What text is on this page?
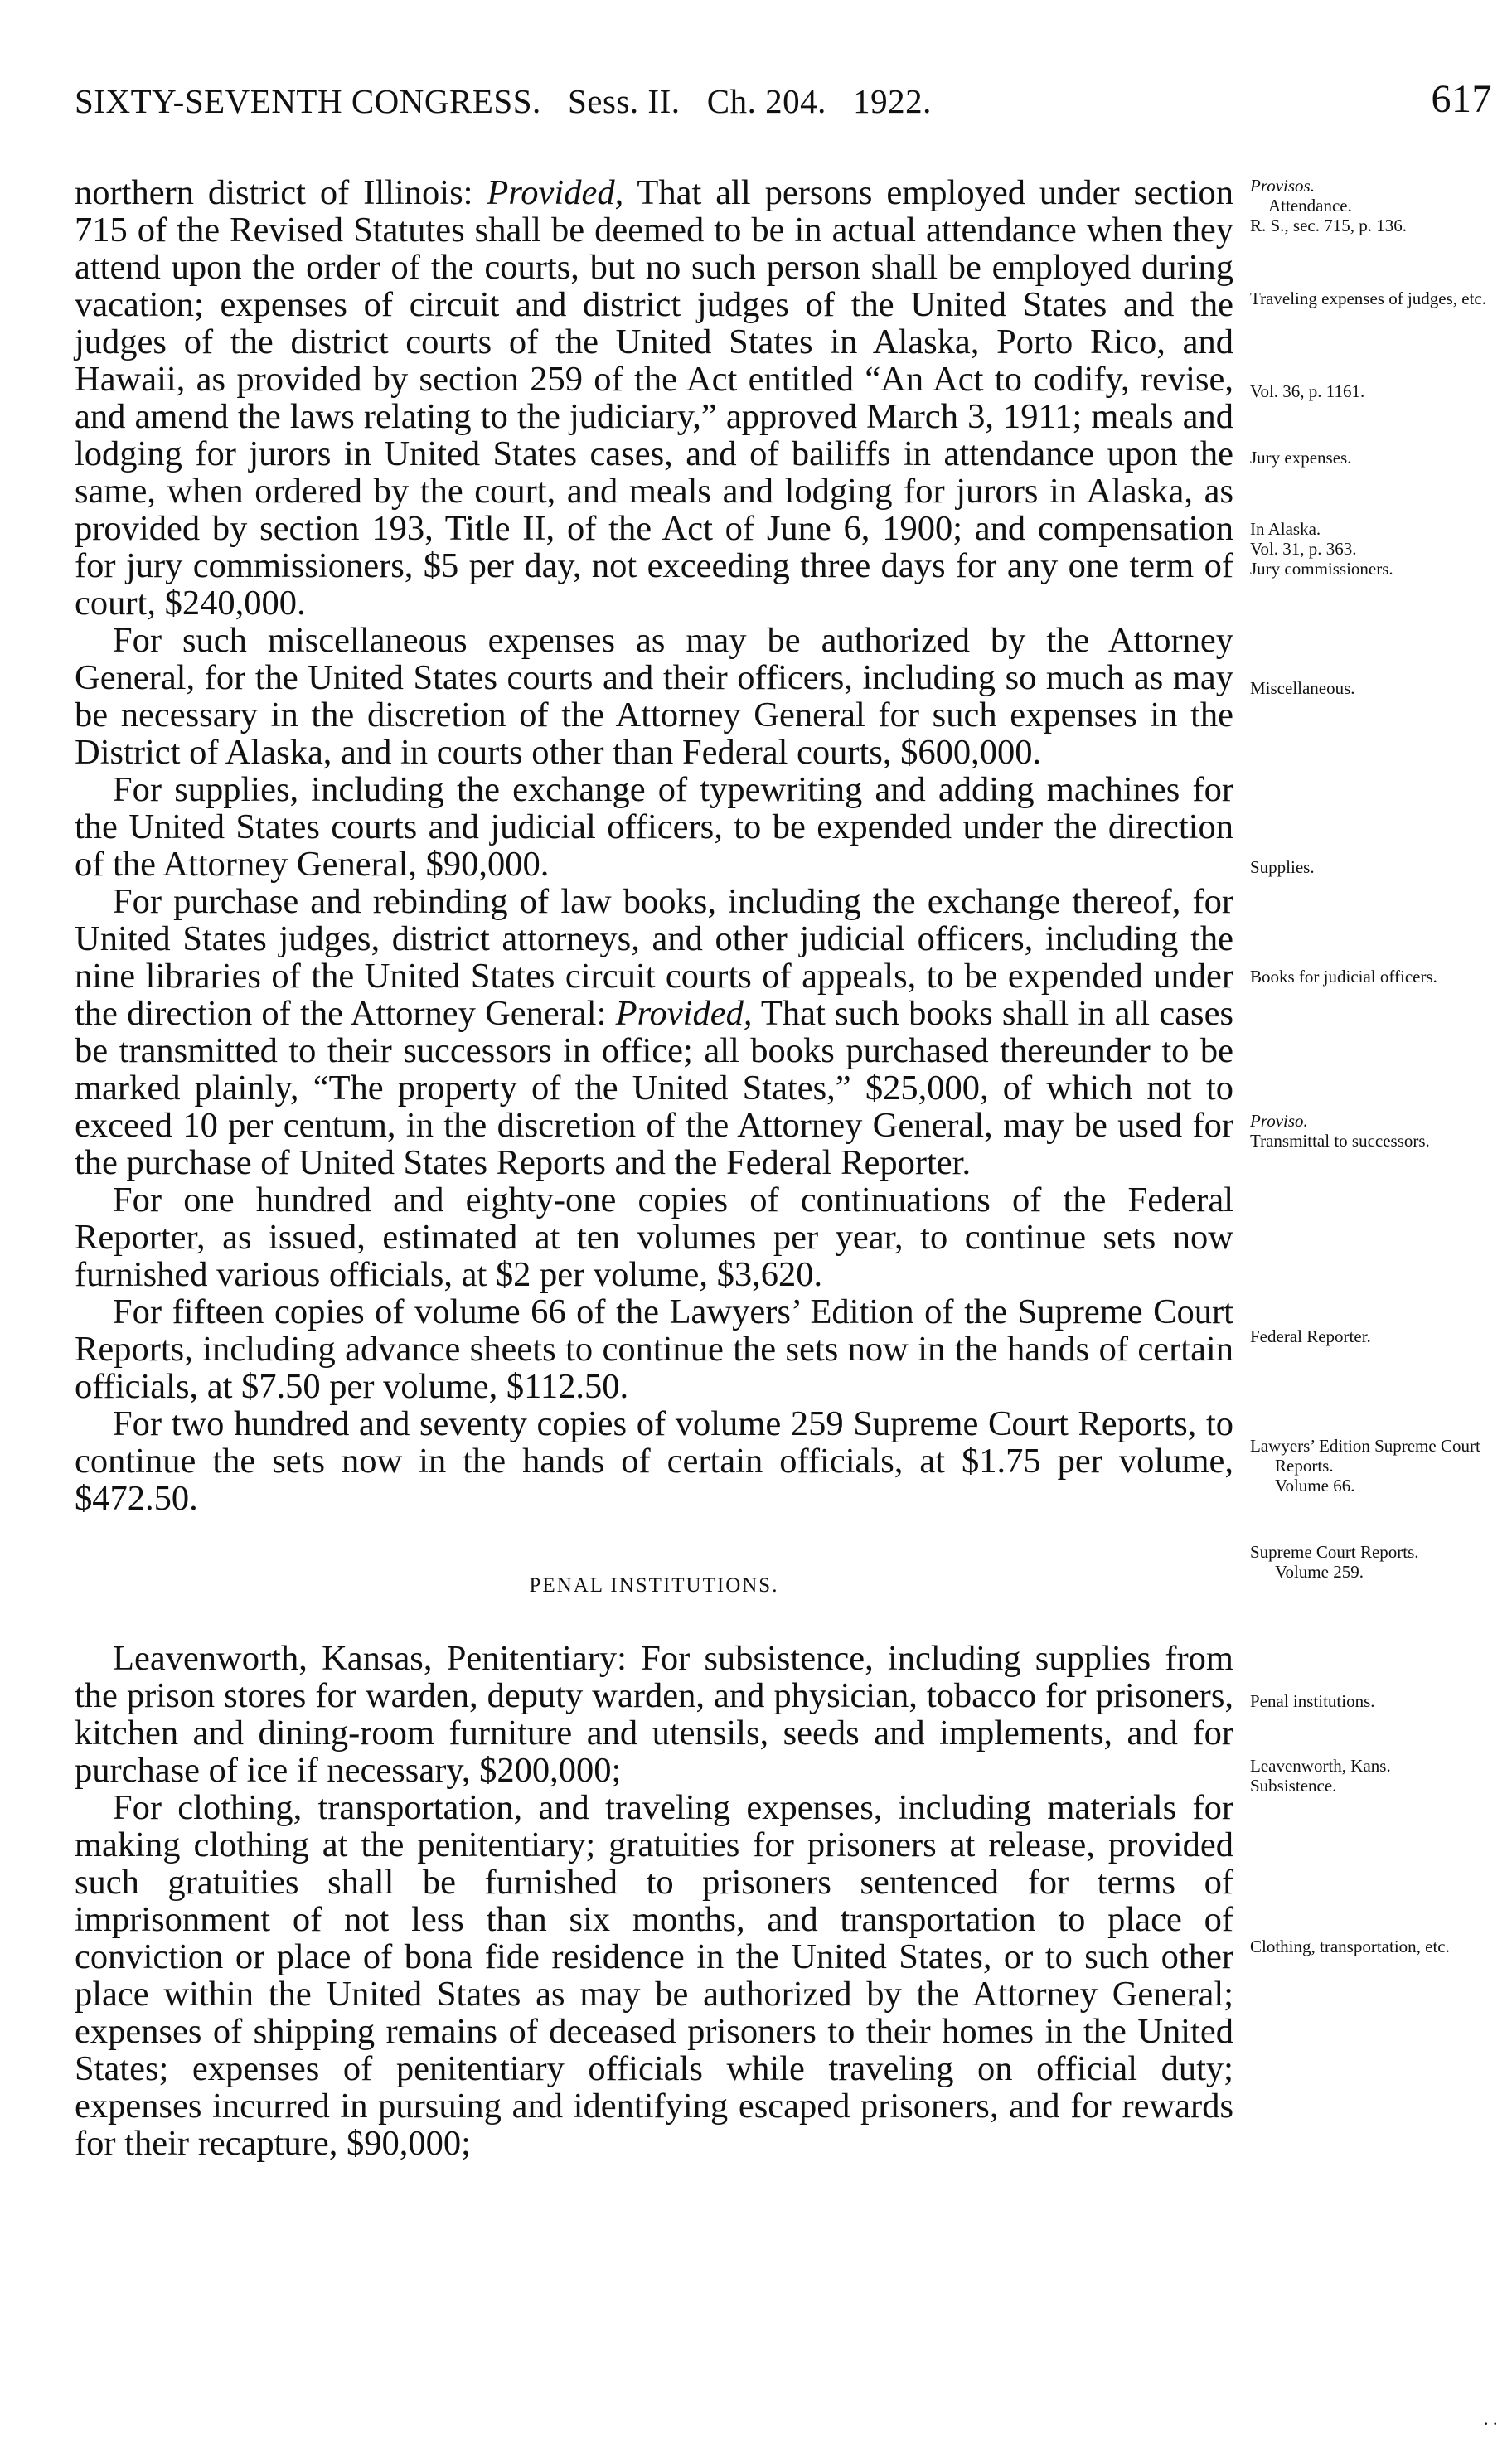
SIXTY-SEVENTH CONGRESS.   Sess. II.   Ch. 204.   1922.	617

northern district of Illinois: Provided, That all persons employed under section 715 of the Revised Statutes shall be deemed to be in actual attendance when they attend upon the order of the courts, but no such person shall be employed during vacation; expenses of circuit and district judges of the United States and the judges of the district courts of the United States in Alaska, Porto Rico, and Hawaii, as provided by section 259 of the Act entitled “An Act to codify, revise, and amend the laws relating to the judiciary,” approved March 3, 1911; meals and lodging for jurors in United States cases, and of bailiffs in attendance upon the same, when ordered by the court, and meals and lodging for jurors in Alaska, as provided by section 193, Title II, of the Act of June 6, 1900; and compensation for jury commissioners, $5 per day, not exceeding three days for any one term of court, $240,000.

For such miscellaneous expenses as may be authorized by the Attorney General, for the United States courts and their officers, including so much as may be necessary in the discretion of the Attorney General for such expenses in the District of Alaska, and in courts other than Federal courts, $600,000.

For supplies, including the exchange of typewriting and adding machines for the United States courts and judicial officers, to be expended under the direction of the Attorney General, $90,000.

For purchase and rebinding of law books, including the exchange thereof, for United States judges, district attorneys, and other judicial officers, including the nine libraries of the United States circuit courts of appeals, to be expended under the direction of the Attorney General: Provided, That such books shall in all cases be transmitted to their successors in office; all books purchased thereunder to be marked plainly, “The property of the United States,” $25,000, of which not to exceed 10 per centum, in the discretion of the Attorney General, may be used for the purchase of United States Reports and the Federal Reporter.

For one hundred and eighty-one copies of continuations of the Federal Reporter, as issued, estimated at ten volumes per year, to continue sets now furnished various officials, at $2 per volume, $3,620.

For fifteen copies of volume 66 of the Lawyers’ Edition of the Supreme Court Reports, including advance sheets to continue the sets now in the hands of certain officials, at $7.50 per volume, $112.50.

For two hundred and seventy copies of volume 259 Supreme Court Reports, to continue the sets now in the hands of certain officials, at $1.75 per volume, $472.50.

PENAL INSTITUTIONS.

Leavenworth, Kansas, Penitentiary: For subsistence, including supplies from the prison stores for warden, deputy warden, and physician, tobacco for prisoners, kitchen and dining-room furniture and utensils, seeds and implements, and for purchase of ice if necessary, $200,000;

For clothing, transportation, and traveling expenses, including materials for making clothing at the penitentiary; gratuities for prisoners at release, provided such gratuities shall be furnished to prisoners sentenced for terms of imprisonment of not less than six months, and transportation to place of conviction or place of bona fide residence in the United States, or to such other place within the United States as may be authorized by the Attorney General; expenses of shipping remains of deceased prisoners to their homes in the United States; expenses of penitentiary officials while traveling on official duty; expenses incurred in pursuing and identifying escaped prisoners, and for rewards for their recapture, $90,000;

Provisos.
Attendance.
R. S., sec. 715, p. 136.
Traveling expenses of judges, etc.
Vol. 36, p. 1161.
Jury expenses.
In Alaska.
Vol. 31, p. 363.
Jury commissioners.
Miscellaneous.
Supplies.
Books for judicial officers.
Proviso.
Transmittal to successors.
Federal Reporter.
Lawyers’ Edition Supreme Court Reports.
Volume 66.
Supreme Court Reports.
Volume 259.
Penal institutions.
Leavenworth, Kans.
Subsistence.
Clothing, transportation, etc.
. .
